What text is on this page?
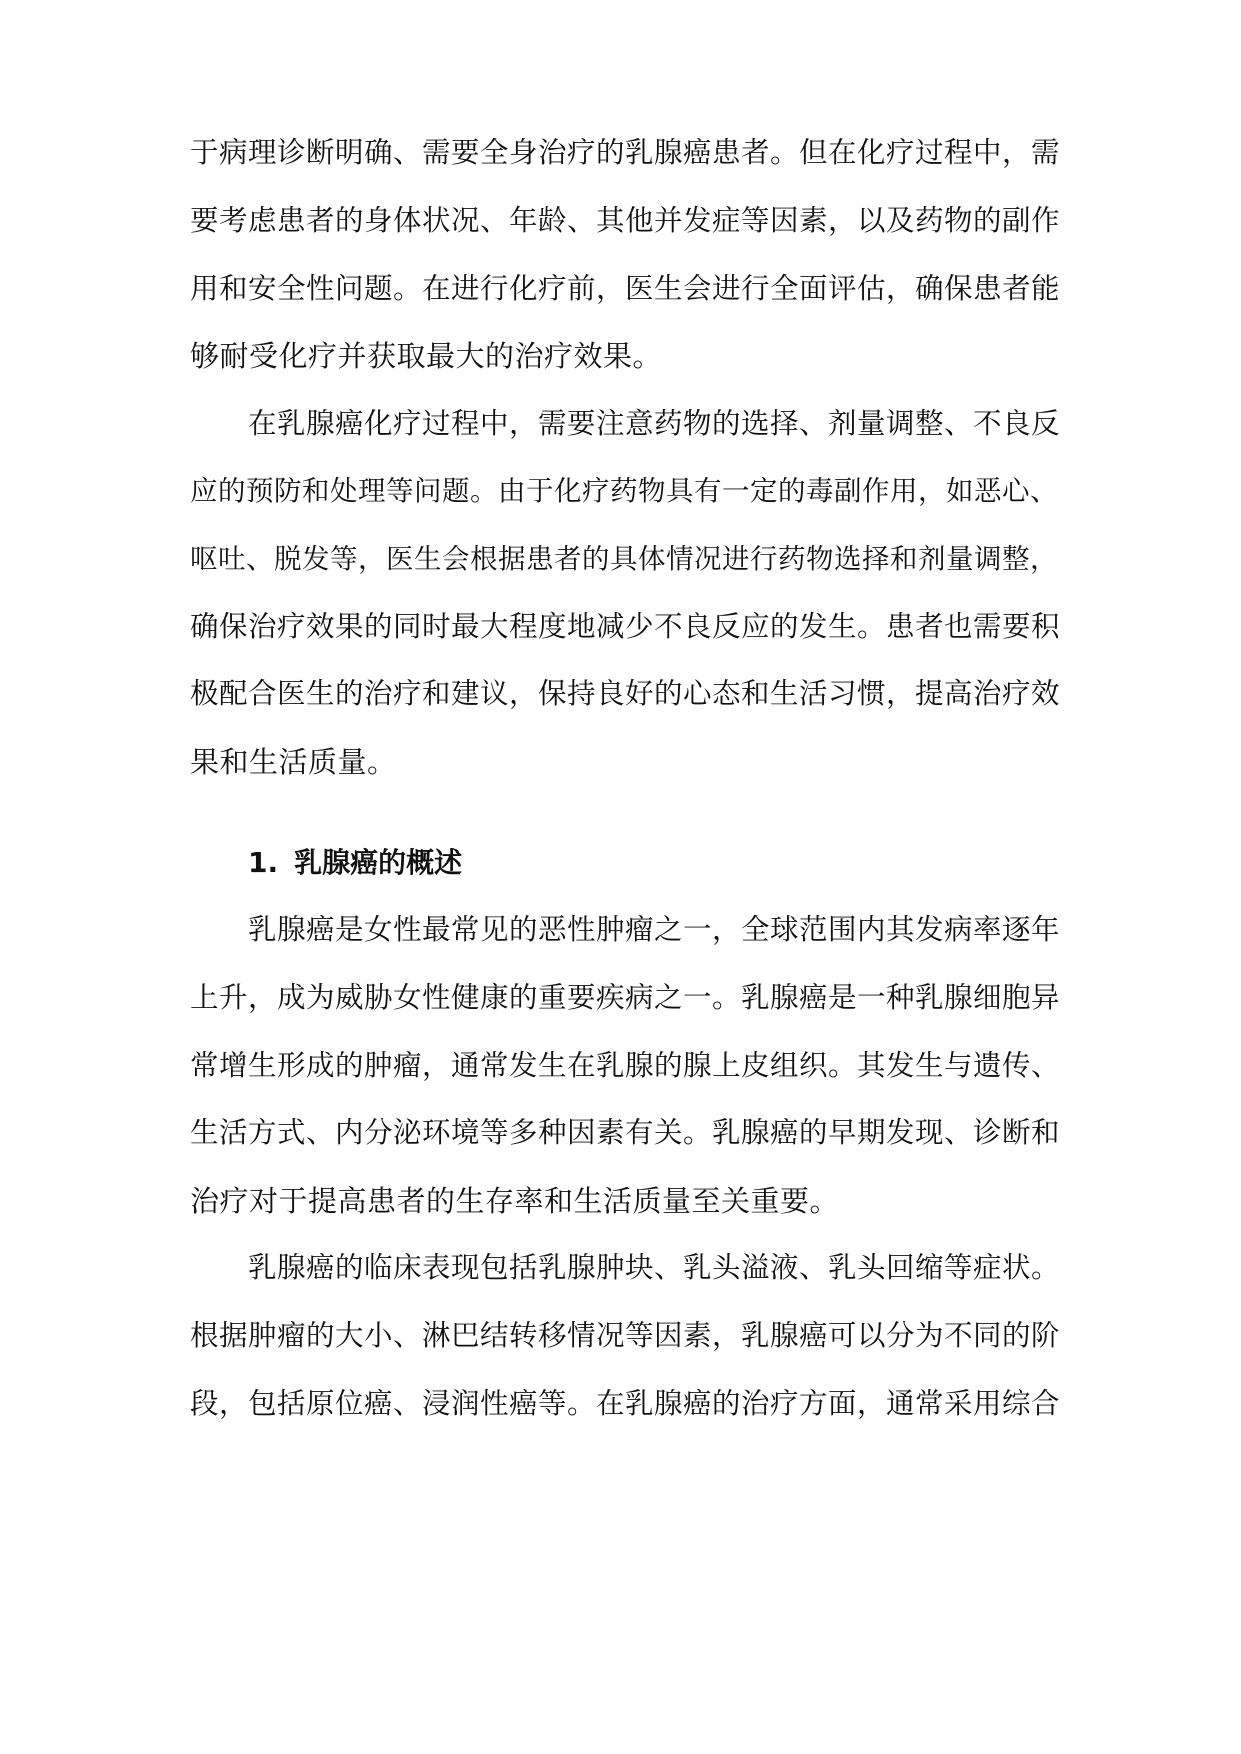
于病理诊断明确、需要全身治疗的乳腺癌患者。但在化疗过程中，需
要考虑患者的身体状况、年龄、其他并发症等因素，以及药物的副作
用和安全性问题。在进行化疗前，医生会进行全面评估，确保患者能
够耐受化疗并获取最大的治疗效果。
在乳腺癌化疗过程中，需要注意药物的选择、剂量调整、不良反
应的预防和处理等问题。由于化疗药物具有一定的毒副作用，如恶心、
呕吐、脱发等，医生会根据患者的具体情况进行药物选择和剂量调整，
确保治疗效果的同时最大程度地减少不良反应的发生。患者也需要积
极配合医生的治疗和建议，保持良好的心态和生活习惯，提高治疗效
果和生活质量。
1. 乳腺癌的概述
乳腺癌是女性最常见的恶性肿瘤之一，全球范围内其发病率逐年
上升，成为威胁女性健康的重要疾病之一。乳腺癌是一种乳腺细胞异
常增生形成的肿瘤，通常发生在乳腺的腺上皮组织。其发生与遗传、
生活方式、内分泌环境等多种因素有关。乳腺癌的早期发现、诊断和
治疗对于提高患者的生存率和生活质量至关重要。
乳腺癌的临床表现包括乳腺肿块、乳头溢液、乳头回缩等症状。
根据肿瘤的大小、淋巴结转移情况等因素，乳腺癌可以分为不同的阶
段，包括原位癌、浸润性癌等。在乳腺癌的治疗方面，通常采用综合
